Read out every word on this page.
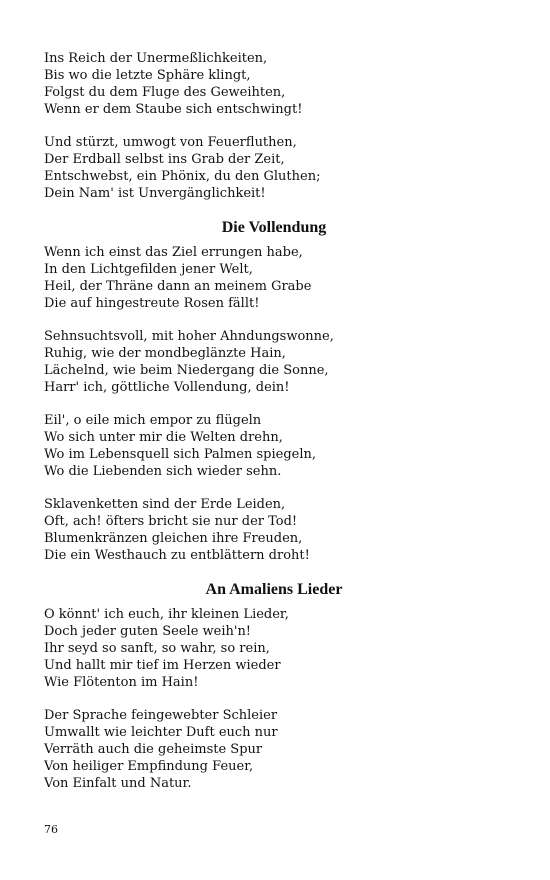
Ins Reich der Unermeßlichkeiten,
Bis wo die letzte Sphäre klingt,
Folgst du dem Fluge des Geweihten,
Wenn er dem Staube sich entschwingt!
Und stürzt, umwogt von Feuerfluthen,
Der Erdball selbst ins Grab der Zeit,
Entschwebst, ein Phönix, du den Gluthen;
Dein Nam' ist Unvergänglichkeit!
Die Vollendung
Wenn ich einst das Ziel errungen habe,
In den Lichtgefilden jener Welt,
Heil, der Thräne dann an meinem Grabe
Die auf hingestreute Rosen fällt!
Sehnsuchtsvoll, mit hoher Ahndungswonne,
Ruhig, wie der mondbeglänzte Hain,
Lächelnd, wie beim Niedergang die Sonne,
Harr' ich, göttliche Vollendung, dein!
Eil', o eile mich empor zu flügeln
Wo sich unter mir die Welten drehn,
Wo im Lebensquell sich Palmen spiegeln,
Wo die Liebenden sich wieder sehn.
Sklavenketten sind der Erde Leiden,
Oft, ach! öfters bricht sie nur der Tod!
Blumenkränzen gleichen ihre Freuden,
Die ein Westhauch zu entblättern droht!
An Amaliens Lieder
O könnt' ich euch, ihr kleinen Lieder,
Doch jeder guten Seele weih'n!
Ihr seyd so sanft, so wahr, so rein,
Und hallt mir tief im Herzen wieder
Wie Flötenton im Hain!
Der Sprache feingewebter Schleier
Umwallt wie leichter Duft euch nur
Verräth auch die geheimste Spur
Von heiliger Empfindung Feuer,
Von Einfalt und Natur.
76
